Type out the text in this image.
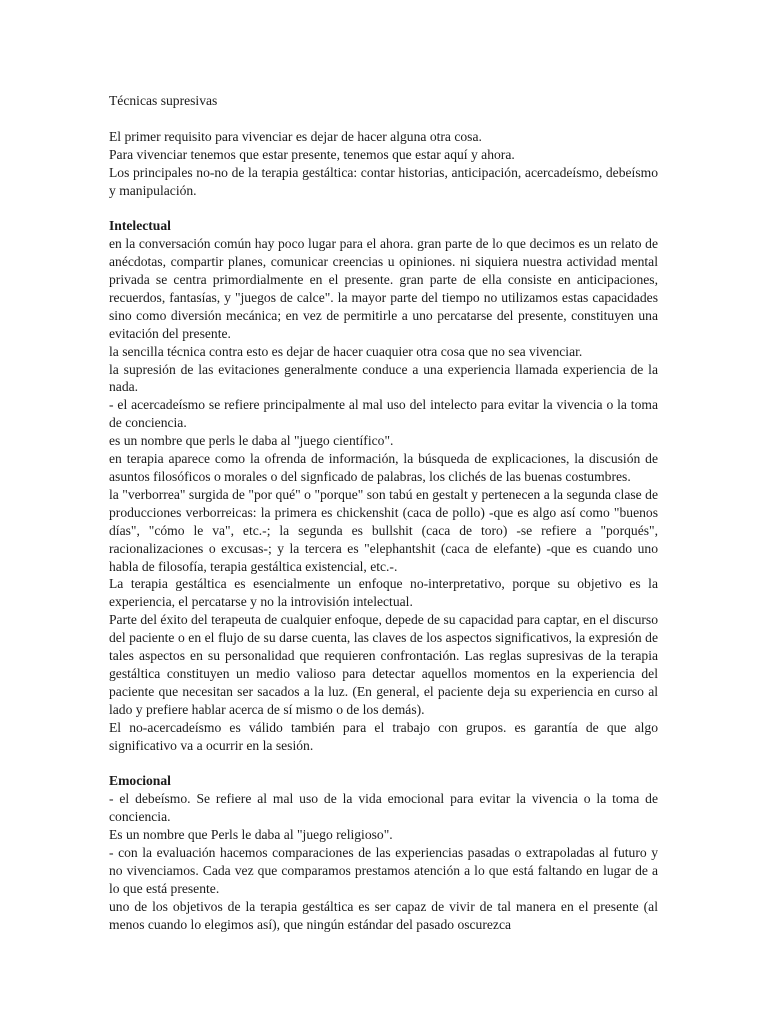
Técnicas supresivas

El primer requisito para vivenciar es dejar de hacer alguna otra cosa.

Para vivenciar tenemos que estar presente, tenemos que estar aquí y ahora.

Los principales no-no de la terapia gestáltica: contar historias, anticipación, acercadeísmo, debeísmo y manipulación.

Intelectual

en la conversación común hay poco lugar para el ahora. gran parte de lo que decimos es un relato de anécdotas, compartir planes, comunicar creencias u opiniones. ni siquiera nuestra actividad mental privada se centra primordialmente en el presente. gran parte de ella consiste en anticipaciones, recuerdos, fantasías, y "juegos de calce". la mayor parte del tiempo no utilizamos estas capacidades sino como diversión mecánica; en vez de permitirle a uno percatarse del presente, constituyen una evitación del presente.

la sencilla técnica contra esto es dejar de hacer cuaquier otra cosa que no sea vivenciar.

la supresión de las evitaciones generalmente conduce a una experiencia llamada experiencia de la nada.

- el acercadeísmo se refiere principalmente al mal uso del intelecto para evitar la vivencia o la toma de conciencia.

es un nombre que perls le daba al "juego científico".

en terapia aparece como la ofrenda de información, la búsqueda de explicaciones, la discusión de asuntos filosóficos o morales o del signficado de palabras, los clichés de las buenas costumbres.

la "verborrea" surgida de "por qué" o "porque" son tabú en gestalt y pertenecen a la segunda clase de producciones verborreicas: la primera es chickenshit (caca de pollo) -que es algo así como "buenos días", "cómo le va", etc.-; la segunda es bullshit (caca de toro) -se refiere a "porqués", racionalizaciones o excusas-; y la tercera es "elephantshit (caca de elefante) -que es cuando uno habla de filosofía, terapia gestáltica existencial, etc.-.

La terapia gestáltica es esencialmente un enfoque no-interpretativo, porque su objetivo es la experiencia, el percatarse y no la introvisión intelectual.

Parte del éxito del terapeuta de cualquier enfoque, depede de su capacidad para captar, en el discurso del paciente o en el flujo de su darse cuenta, las claves de los aspectos significativos, la expresión de tales aspectos en su personalidad que requieren confrontación. Las reglas supresivas de la terapia gestáltica constituyen un medio valioso para detectar aquellos momentos en la experiencia del paciente que necesitan ser sacados a la luz. (En general, el paciente deja su experiencia en curso al lado y prefiere hablar acerca de sí mismo o de los demás).

El no-acercadeísmo es válido también para el trabajo con grupos. es garantía de que algo significativo va a ocurrir en la sesión.

Emocional

- el debeísmo. Se refiere al mal uso de la vida emocional para evitar la vivencia o la toma de conciencia.

Es un nombre que Perls le daba al "juego religioso".

- con la evaluación hacemos comparaciones de las experiencias pasadas o extrapoladas al futuro y no vivenciamos. Cada vez que comparamos prestamos atención a lo que está faltando en lugar de a lo que está presente.

uno de los objetivos de la terapia gestáltica es ser capaz de vivir de tal manera en el presente (al menos cuando lo elegimos así), que ningún estándar del pasado oscurezca
